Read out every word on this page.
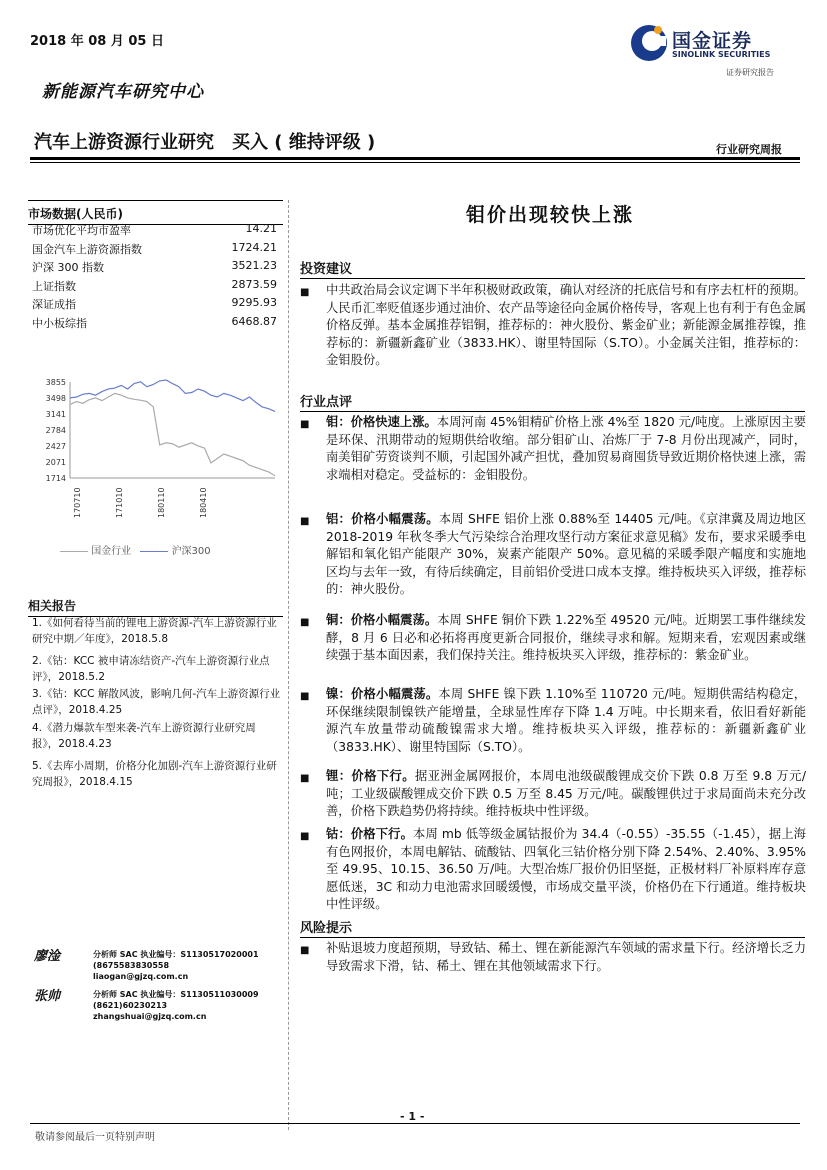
2018 年 08 月 05 日
新能源汽车研究中心
汽车上游资源行业研究　买入 ( 维持评级 )
国金证券
SINOLINK SECURITIES
证券研究报告
行业研究周报
市场数据(人民币)
市场优化平均市盈率	14.21
国金汽车上游资源指数	1724.21
沪深 300 指数	3521.23
上证指数	2873.59
深证成指	9295.93
中小板综指	6468.87
3855
3498
3141
2784
2427
2071
1714
170710	171010	180110	180410
国金行业	沪深300
相关报告
1.《如何看待当前的锂电上游资源-汽车上游资源行业研究中期／年度》，2018.5.8
2.《钴：KCC 被申请冻结资产-汽车上游资源行业点评》，2018.5.2
3.《钴：KCC 解散风波，影响几何-汽车上游资源行业点评》，2018.4.25
4.《潜力爆款车型来袭-汽车上游资源行业研究周报》，2018.4.23
5.《去库小周期，价格分化加剧-汽车上游资源行业研究周报》，2018.4.15
廖淦	分析师 SAC 执业编号：S1130517020001
(8675583830558
liaogan@gjzq.com.cn
张帅	分析师 SAC 执业编号：S1130511030009
(8621)60230213
zhangshuai@gjzq.com.cn
钼价出现较快上涨
投资建议
■ 中共政治局会议定调下半年积极财政政策，确认对经济的托底信号和有序去杠杆的预期。人民币汇率贬值逐步通过油价、农产品等途径向金属价格传导，客观上也有利于有色金属价格反弹。基本金属推荐铝铜，推荐标的：神火股份、紫金矿业；新能源金属推荐镍，推荐标的：新疆新鑫矿业（3833.HK）、谢里特国际（S.TO）。小金属关注钼，推荐标的：金钼股份。
行业点评
■ 钼：价格快速上涨。本周河南 45%钼精矿价格上涨 4%至 1820 元/吨度。上涨原因主要是环保、汛期带动的短期供给收缩。部分钼矿山、冶炼厂于 7-8 月份出现减产，同时，南美钼矿劳资谈判不顺，引起国外减产担忧，叠加贸易商囤货导致近期价格快速上涨，需求端相对稳定。受益标的：金钼股份。
■ 铝：价格小幅震荡。本周 SHFE 铝价上涨 0.88%至 14405 元/吨。《京津冀及周边地区 2018-2019 年秋冬季大气污染综合治理攻坚行动方案征求意见稿》发布，要求采暖季电解铝和氧化铝产能限产 30%，炭素产能限产 50%。意见稿的采暖季限产幅度和实施地区均与去年一致，有待后续确定，目前铝价受进口成本支撑。维持板块买入评级，推荐标的：神火股份。
■ 铜：价格小幅震荡。本周 SHFE 铜价下跌 1.22%至 49520 元/吨。近期罢工事件继续发酵，8 月 6 日必和必拓将再度更新合同报价，继续寻求和解。短期来看，宏观因素或继续强于基本面因素，我们保持关注。维持板块买入评级，推荐标的：紫金矿业。
■ 镍：价格小幅震荡。本周 SHFE 镍下跌 1.10%至 110720 元/吨。短期供需结构稳定，环保继续限制镍铁产能增量，全球显性库存下降 1.4 万吨。中长期来看，依旧看好新能源汽车放量带动硫酸镍需求大增。维持板块买入评级，推荐标的：新疆新鑫矿业（3833.HK）、谢里特国际（S.TO）。
■ 锂：价格下行。据亚洲金属网报价，本周电池级碳酸锂成交价下跌 0.8 万至 9.8 万元/吨；工业级碳酸锂成交价下跌 0.5 万至 8.45 万元/吨。碳酸锂供过于求局面尚未充分改善，价格下跌趋势仍将持续。维持板块中性评级。
■ 钴：价格下行。本周 mb 低等级金属钴报价为 34.4（-0.55）-35.55（-1.45），据上海有色网报价，本周电解钴、硫酸钴、四氧化三钴价格分别下降 2.54%、2.40%、3.95%至 49.95、10.15、36.50 万/吨。大型冶炼厂报价仍旧坚挺，正极材料厂补原料库存意愿低迷，3C 和动力电池需求回暖缓慢，市场成交量平淡，价格仍在下行通道。维持板块中性评级。
风险提示
■ 补贴退坡力度超预期，导致钴、稀土、锂在新能源汽车领域的需求量下行。经济增长乏力导致需求下滑，钴、稀土、锂在其他领域需求下行。
- 1 -
敬请参阅最后一页特别声明
